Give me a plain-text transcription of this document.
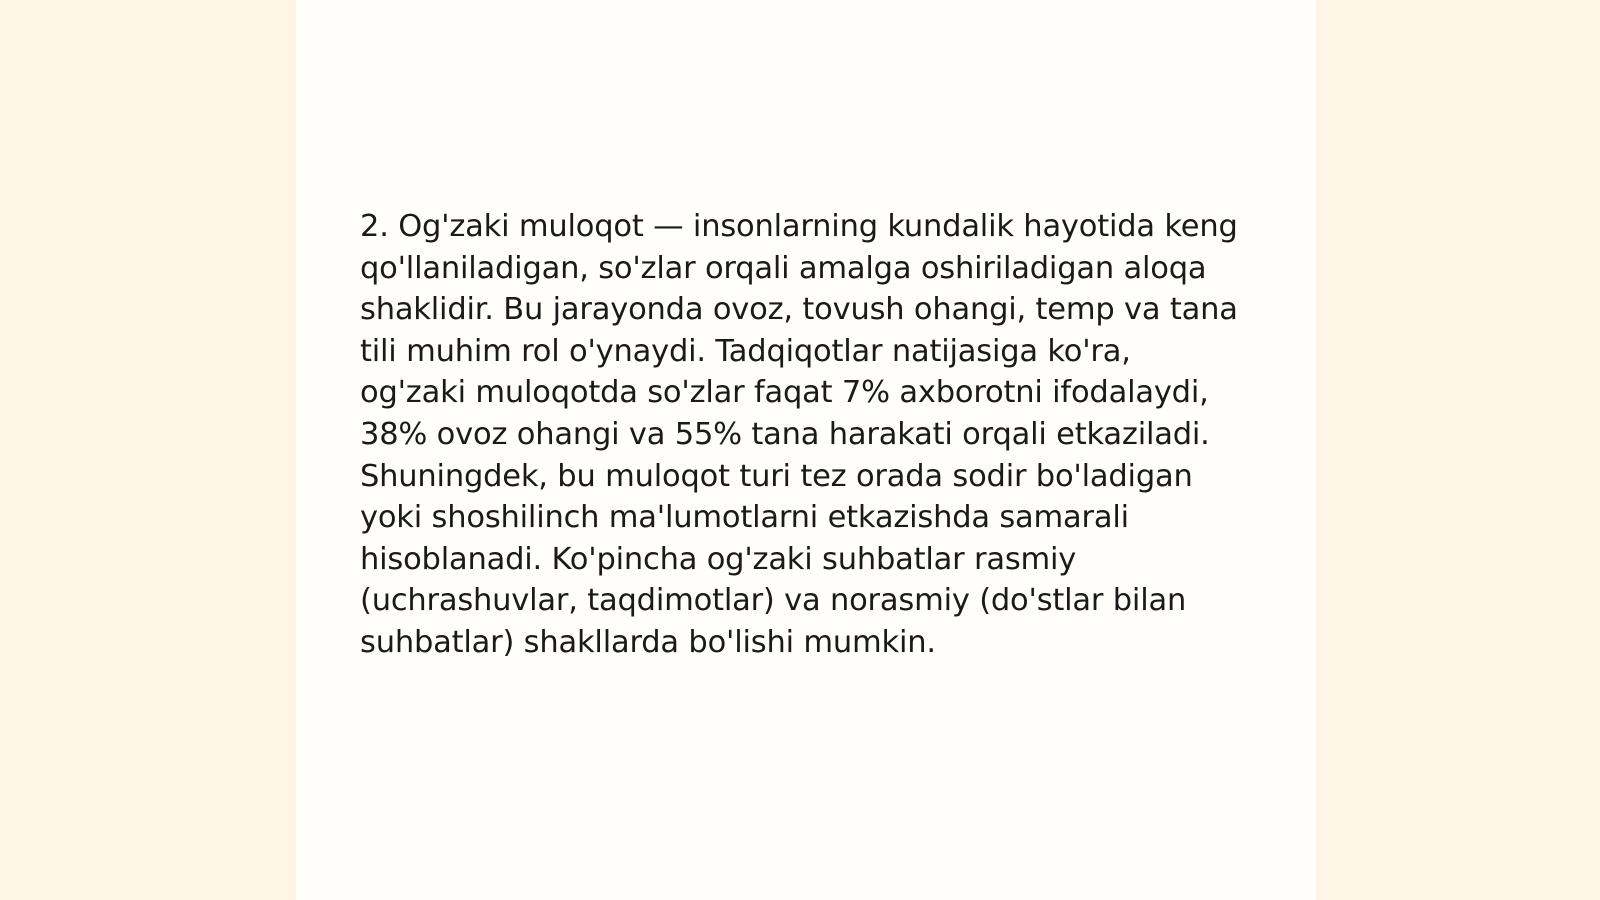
2. Og'zaki muloqot — insonlarning kundalik hayotida keng qo'llaniladigan, so'zlar orqali amalga oshiriladigan aloqa shaklidir. Bu jarayonda ovoz, tovush ohangi, temp va tana tili muhim rol o'ynaydi. Tadqiqotlar natijasiga ko'ra, og'zaki muloqotda so'zlar faqat 7% axborotni ifodalaydi, 38% ovoz ohangi va 55% tana harakati orqali etkaziladi. Shuningdek, bu muloqot turi tez orada sodir bo'ladigan yoki shoshilinch ma'lumotlarni etkazishda samarali hisoblanadi. Ko'pincha og'zaki suhbatlar rasmiy (uchrashuvlar, taqdimotlar) va norasmiy (do'stlar bilan suhbatlar) shakllarda bo'lishi mumkin.
